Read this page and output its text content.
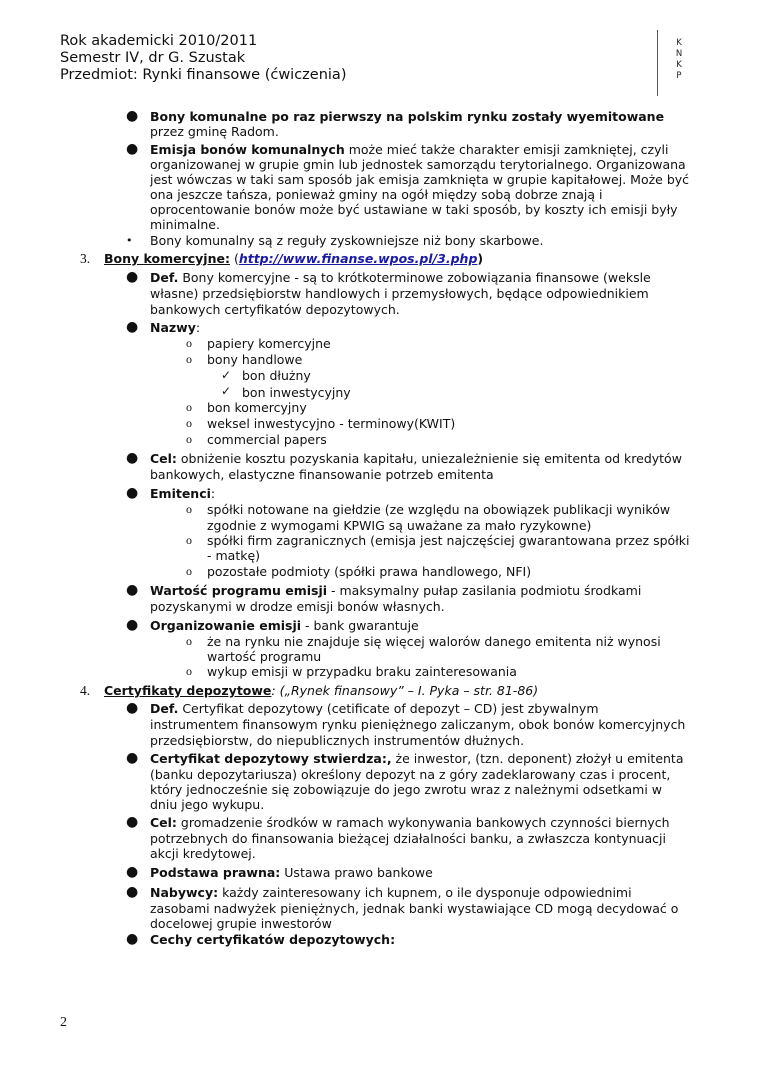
Rok akademicki 2010/2011
Semestr IV, dr G. Szustak
Przedmiot: Rynki finansowe (ćwiczenia)
K
N
K
P
● Bony komunalne po raz pierwszy na polskim rynku zostały wyemitowane
przez gminę Radom.
● Emisja bonów komunalnych może mieć także charakter emisji zamkniętej, czyli
organizowanej w grupie gmin lub jednostek samorządu terytorialnego. Organizowana
jest wówczas w taki sam sposób jak emisja zamknięta w grupie kapitałowej. Może być
ona jeszcze tańsza, ponieważ gminy na ogół między sobą dobrze znają i
oprocentowanie bonów może być ustawiane w taki sposób, by koszty ich emisji były
minimalne.
• Bony komunalny są z reguły zyskowniejsze niż bony skarbowe.
3. Bony komercyjne: (http://www.finanse.wpos.pl/3.php)
● Def. Bony komercyjne - są to krótkoterminowe zobowiązania finansowe (weksle
własne) przedsiębiorstw handlowych i przemysłowych, będące odpowiednikiem
bankowych certyfikatów depozytowych.
● Nazwy:
o papiery komercyjne
o bony handlowe
✓ bon dłużny
✓ bon inwestycyjny
o bon komercyjny
o weksel inwestycyjno - terminowy(KWIT)
o commercial papers
● Cel: obniżenie kosztu pozyskania kapitału, uniezależnienie się emitenta od kredytów
bankowych, elastyczne finansowanie potrzeb emitenta
● Emitenci:
o spółki notowane na giełdzie (ze względu na obowiązek publikacji wyników
zgodnie z wymogami KPWIG są uważane za mało ryzykowne)
o spółki firm zagranicznych (emisja jest najczęściej gwarantowana przez spółki
- matkę)
o pozostałe podmioty (spółki prawa handlowego, NFI)
● Wartość programu emisji - maksymalny pułap zasilania podmiotu środkami
pozyskanymi w drodze emisji bonów własnych.
● Organizowanie emisji - bank gwarantuje
o że na rynku nie znajduje się więcej walorów danego emitenta niż wynosi
wartość programu
o wykup emisji w przypadku braku zainteresowania
4. Certyfikaty depozytowe: („Rynek finansowy” – I. Pyka – str. 81-86)
● Def. Certyfikat depozytowy (cetificate of depozyt – CD) jest zbywalnym
instrumentem finansowym rynku pieniężnego zaliczanym, obok bonów komercyjnych
przedsiębiorstw, do niepublicznych instrumentów dłużnych.
● Certyfikat depozytowy stwierdza:, że inwestor, (tzn. deponent) złożył u emitenta
(banku depozytariusza) określony depozyt na z góry zadeklarowany czas i procent,
który jednocześnie się zobowiązuje do jego zwrotu wraz z należnymi odsetkami w
dniu jego wykupu.
● Cel: gromadzenie środków w ramach wykonywania bankowych czynności biernych
potrzebnych do finansowania bieżącej działalności banku, a zwłaszcza kontynuacji
akcji kredytowej.
● Podstawa prawna: Ustawa prawo bankowe
● Nabywcy: każdy zainteresowany ich kupnem, o ile dysponuje odpowiednimi
zasobami nadwyżek pieniężnych, jednak banki wystawiające CD mogą decydować o
docelowej grupie inwestorów
● Cechy certyfikatów depozytowych:
2
